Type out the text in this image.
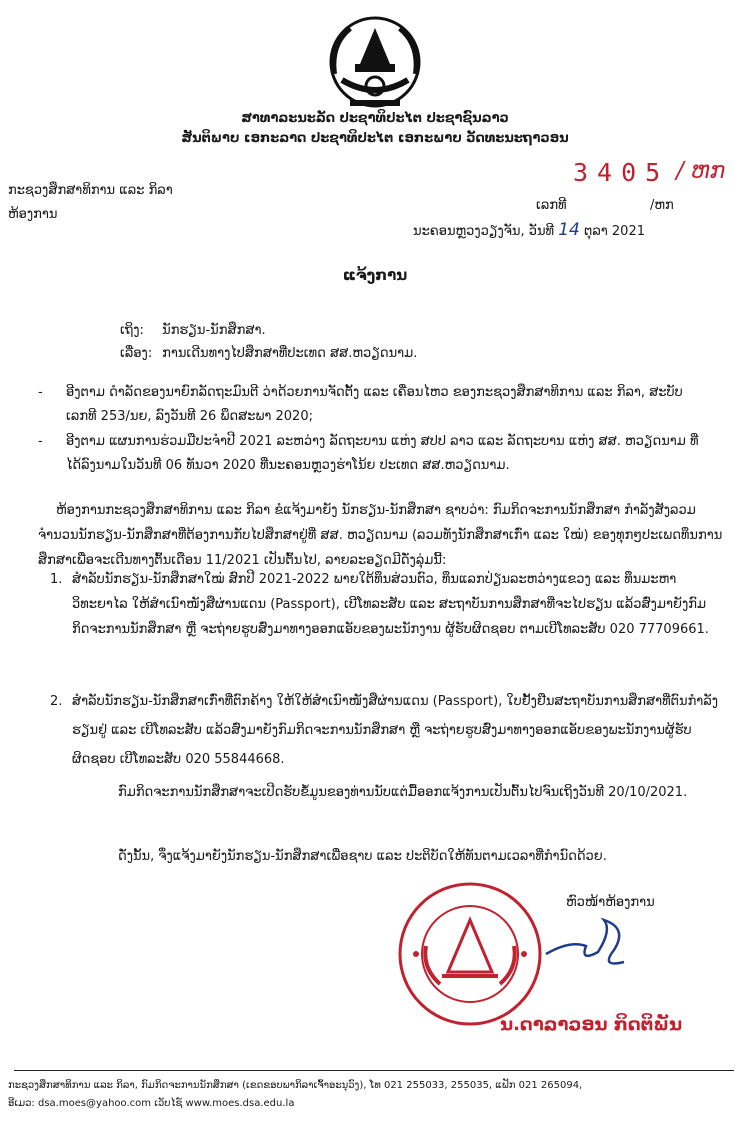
ສາທາລະນະລັດ ປະຊາທິປະໄຕ ປະຊາຊົນລາວ
ສັນຕິພາບ ເອກະລາດ ປະຊາທິປະໄຕ ເອກະພາບ ວັດທະນະຖາວອນ
ກະຊວງສຶກສາທິການ ແລະ ກິລາ
ຫ້ອງການ
3405 / ຫກ
ເລກທີ	/ຫກ
ນະຄອນຫຼວງວຽງຈັນ, ວັນທີ 14 ຕຸລາ 2021
ແຈ້ງການ
ເຖິງ: ນັກຮຽນ-ນັກສຶກສາ.
ເລື່ອງ: ການເດີນທາງໄປສຶກສາທີ່ປະເທດ ສສ.ຫວຽດນາມ.
- ອີງຕາມ ດຳລັດຂອງນາຍົກລັດຖະມົນຕີ ວ່າດ້ວຍການຈັດຕັ້ງ ແລະ ເຄື່ອນໄຫວ ຂອງກະຊວງສຶກສາທິການ ແລະ ກິລາ, ສະບັບເລກທີ 253/ນຍ, ລົງວັນທີ 26 ພຶດສະພາ 2020;
- ອີງຕາມ ແຜນການຮ່ວມມືປະຈຳປີ 2021 ລະຫວ່າງ ລັດຖະບານ ແຫ່ງ ສປປ ລາວ ແລະ ລັດຖະບານ ແຫ່ງ ສສ. ຫວຽດນາມ ທີ່ໄດ້ລົງນາມໃນວັນທີ 06 ທັນວາ 2020 ທີ່ນະຄອນຫຼວງຮ່າໂນ້ຍ ປະເທດ ສສ.ຫວຽດນາມ.
ຫ້ອງການກະຊວງສຶກສາທິການ ແລະ ກິລາ ຂໍແຈ້ງມາຍັງ ນັກຮຽນ-ນັກສຶກສາ ຊາບວ່າ: ກົມກິດຈະການນັກສຶກສາ ກຳລັງສັງລວມຈຳນວນນັກຮຽນ-ນັກສຶກສາທີ່ຕ້ອງການກັບໄປສຶກສາຢູ່ທີ່ ສສ. ຫວຽດນາມ (ລວມທັງນັກສຶກສາເກົ່າ ແລະ ໃໝ່) ຂອງທຸກໆປະເພດທຶນການສຶກສາເພື່ອຈະເດີນທາງຕົ້ນເດືອນ 11/2021 ເປັນຕົ້ນໄປ, ລາຍລະອຽດມີດັ່ງລຸ່ມນີ້:
1. ສຳລັບນັກຮຽນ-ນັກສຶກສາໃໝ່ ສົກປີ 2021-2022 ພາຍໃຕ້ທຶນສ່ວນຕົວ, ທຶນແລກປ່ຽນລະຫວ່າງແຂວງ ແລະ ທຶນມະຫາວິທະຍາໄລ ໃຫ້ສຳເນົາໜັງສືຜ່ານແດນ (Passport), ເບີໂທລະສັບ ແລະ ສະຖາບັນການສຶກສາທີ່ຈະໄປຮຽນ ແລ້ວສົ່ງມາຍັງກົມກິດຈະການນັກສຶກສາ ຫຼື ຈະຖ່າຍຮູບສົ່ງມາທາງອອກແອັບຂອງພະນັກງານ ຜູ້ຮັບຜິດຊອບ ຕາມເບີໂທລະສັບ 020 77709661.
2. ສຳລັບນັກຮຽນ-ນັກສຶກສາເກົ່າທີ່ຕົກຄ້າງ ໃຫ້ໃຫ້ສຳເນົາໜັງສືຜ່ານແດນ (Passport), ໃບຢັ້ງຢືນສະຖາບັນການສຶກສາທີ່ຕົນກຳລັງຮຽນຢູ່ ແລະ ເບີໂທລະສັບ ແລ້ວສົ່ງມາຍັງກົມກິດຈະການນັກສຶກສາ ຫຼື ຈະຖ່າຍຮູບສົ່ງມາທາງອອກແອັບຂອງພະນັກງານຜູ້ຮັບຜິດຊອບ ເບີໂທລະສັບ 020 55844668.
ກົມກິດຈະການນັກສຶກສາຈະເປີດຮັບຂໍ້ມູນຂອງທ່ານນັບແຕ່ມື້ອອກແຈ້ງການເປັນຕົ້ນໄປຈົນເຖິງວັນທີ 20/10/2021.
ດັ່ງນັ້ນ, ຈຶ່ງແຈ້ງມາຍັງນັກຮຽນ-ນັກສຶກສາເພື່ອຊາບ ແລະ ປະຕິບັດໃຫ້ທັນຕາມເວລາທີ່ກຳນົດດ້ວຍ.
ຫົວໜ້າຫ້ອງການ
ນ.ດາລາວອນ ກິດຕິພັນ
ກະຊວງສຶກສາທິການ ແລະ ກິລາ, ກົມກິດຈະການນັກສຶກສາ (ເຂດຂອບພາກິລາເຈົ້າອະນຸວົງ), ໂທ 021 255033, 255035, ແຟັກ 021 265094,
ອີເມວ: dsa.moes@yahoo.com ເວັບໄຊ໌ www.moes.dsa.edu.la
